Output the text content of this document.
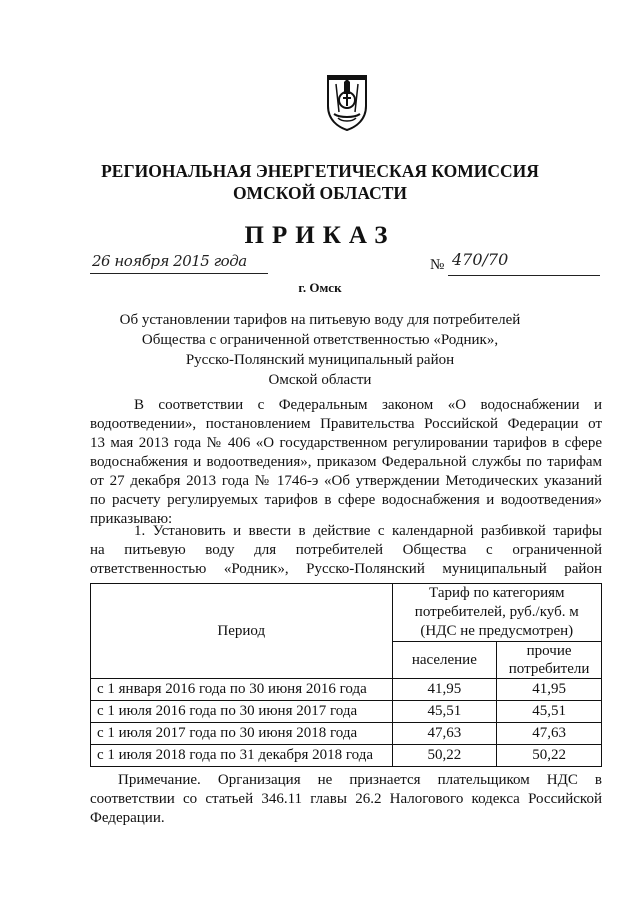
РЕГИОНАЛЬНАЯ ЭНЕРГЕТИЧЕСКАЯ КОМИССИЯ
ОМСКОЙ ОБЛАСТИ
ПРИКАЗ
26 ноября 2015 года	№ 470/70
г. Омск
Об установлении тарифов на питьевую воду для потребителей
Общества с ограниченной ответственностью «Родник»,
Русско-Полянский муниципальный район
Омской области
В соответствии с Федеральным законом «О водоснабжении и
водоотведении», постановлением Правительства Российской Федерации от
13 мая 2013 года № 406 «О государственном регулировании тарифов в сфере
водоснабжения и водоотведения», приказом Федеральной службы по тарифам
от 27 декабря 2013 года № 1746-э «Об утверждении Методических указаний
по расчету регулируемых тарифов в сфере водоснабжения и водоотведения»
приказываю:
1. Установить и ввести в действие с календарной разбивкой тарифы
на питьевую воду для потребителей Общества с ограниченной
ответственностью «Родник», Русско-Полянский муниципальный район
Период	Тариф по категориям
потребителей, руб./куб. м
(НДС не предусмотрен)	

	население	прочие
потребители

с 1 января 2016 года по 30 июня 2016 года	41,95	41,95
с 1 июля 2016 года по 30 июня 2017 года	45,51	45,51
с 1 июля 2017 года по 30 июня 2018 года	47,63	47,63
с 1 июля 2018 года по 31 декабря 2018 года	50,22	50,22
Примечание. Организация не признается плательщиком НДС в
соответствии со статьей 346.11 главы 26.2 Налогового кодекса Российской
Федерации.
